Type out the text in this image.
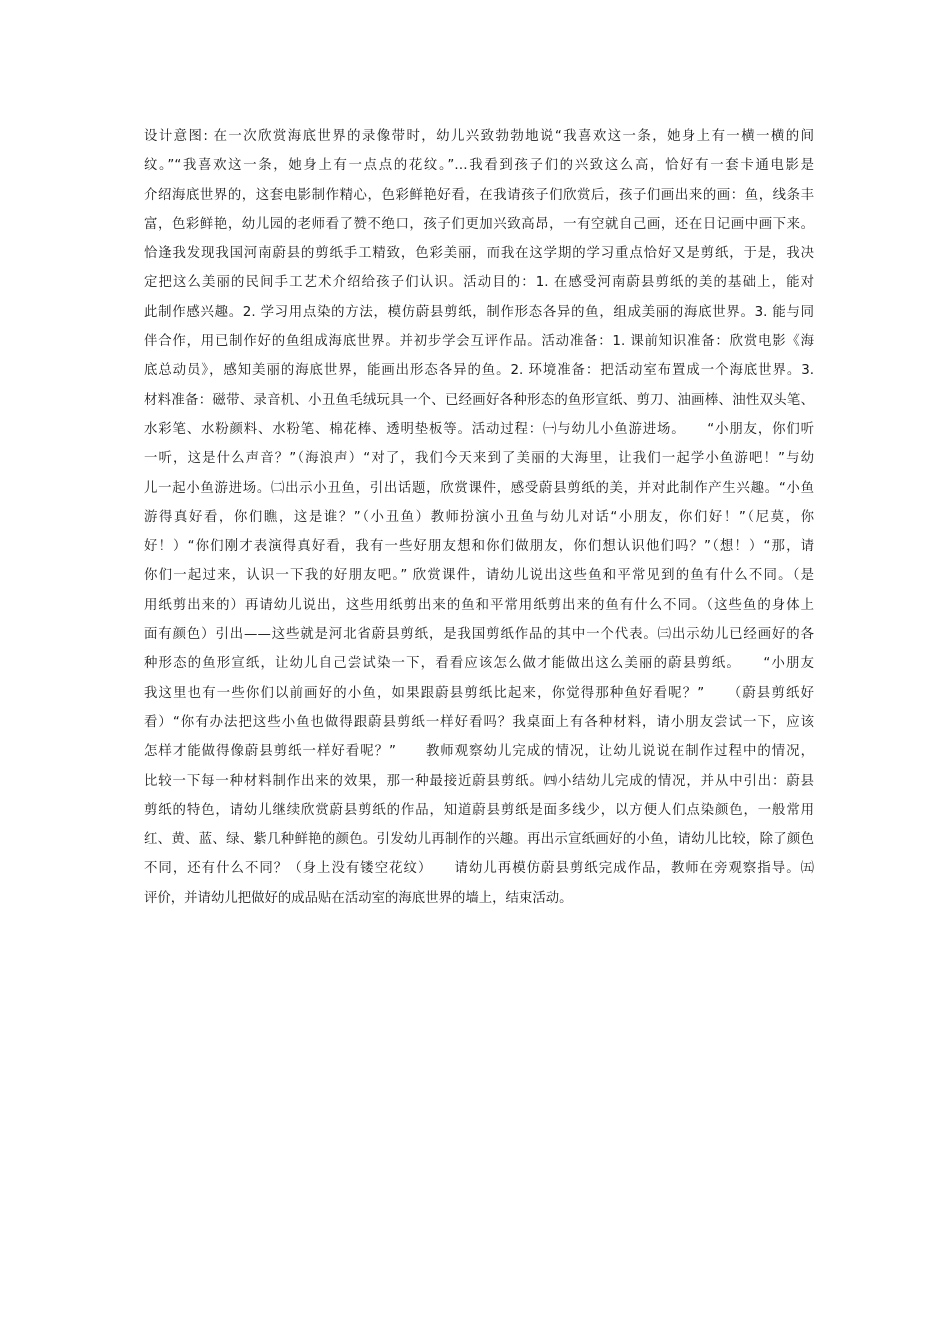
设计意图: 在一次欣赏海底世界的录像带时，幼儿兴致勃勃地说“我喜欢这一条，她身上有一横一横的间
纹。”“我喜欢这一条，她身上有一点点的花纹。”…我看到孩子们的兴致这么高，恰好有一套卡通电影是
介绍海底世界的，这套电影制作精心，色彩鲜艳好看，在我请孩子们欣赏后，孩子们画出来的画：鱼，线条丰
富，色彩鲜艳，幼儿园的老师看了赞不绝口，孩子们更加兴致高昂，一有空就自己画，还在日记画中画下来。
恰逢我发现我国河南蔚县的剪纸手工精致，色彩美丽，而我在这学期的学习重点恰好又是剪纸，于是，我决
定把这么美丽的民间手工艺术介绍给孩子们认识。活动目的：1. 在感受河南蔚县剪纸的美的基础上，能对
此制作感兴趣。2. 学习用点染的方法，模仿蔚县剪纸，制作形态各异的鱼，组成美丽的海底世界。3. 能与同
伴合作，用已制作好的鱼组成海底世界。并初步学会互评作品。活动准备：1. 课前知识准备：欣赏电影《海
底总动员》，感知美丽的海底世界，能画出形态各异的鱼。2. 环境准备：把活动室布置成一个海底世界。3.
材料准备：磁带、录音机、小丑鱼毛绒玩具一个、已经画好各种形态的鱼形宣纸、剪刀、油画棒、油性双头笔、
水彩笔、水粉颜料、水粉笔、棉花棒、透明垫板等。活动过程：㈠与幼儿小鱼游进场。　　“小朋友，你们听
一听，这是什么声音？”（海浪声）“对了，我们今天来到了美丽的大海里，让我们一起学小鱼游吧！”与幼
儿一起小鱼游进场。㈡出示小丑鱼，引出话题，欣赏课件，感受蔚县剪纸的美，并对此制作产生兴趣。“小鱼
游得真好看，你们瞧，这是谁？”（小丑鱼）教师扮演小丑鱼与幼儿对话“小朋友，你们好！”（尼莫，你
好！）“你们刚才表演得真好看，我有一些好朋友想和你们做朋友，你们想认识他们吗？”（想！）“那，请
你们一起过来，认识一下我的好朋友吧。” 欣赏课件，请幼儿说出这些鱼和平常见到的鱼有什么不同。（是
用纸剪出来的）再请幼儿说出，这些用纸剪出来的鱼和平常用纸剪出来的鱼有什么不同。（这些鱼的身体上
面有颜色）引出——这些就是河北省蔚县剪纸，是我国剪纸作品的其中一个代表。㈢出示幼儿已经画好的各
种形态的鱼形宣纸，让幼儿自己尝试染一下，看看应该怎么做才能做出这么美丽的蔚县剪纸。　　“小朋友
我这里也有一些你们以前画好的小鱼，如果跟蔚县剪纸比起来，你觉得那种鱼好看呢？”　　（蔚县剪纸好
看）“你有办法把这些小鱼也做得跟蔚县剪纸一样好看吗？我桌面上有各种材料，请小朋友尝试一下，应该
怎样才能做得像蔚县剪纸一样好看呢？”　　教师观察幼儿完成的情况，让幼儿说说在制作过程中的情况，
比较一下每一种材料制作出来的效果，那一种最接近蔚县剪纸。㈣小结幼儿完成的情况，并从中引出：蔚县
剪纸的特色，请幼儿继续欣赏蔚县剪纸的作品，知道蔚县剪纸是面多线少，以方便人们点染颜色，一般常用
红、黄、蓝、绿、紫几种鲜艳的颜色。引发幼儿再制作的兴趣。再出示宣纸画好的小鱼，请幼儿比较，除了颜色
不同，还有什么不同？（身上没有镂空花纹）　　请幼儿再模仿蔚县剪纸完成作品，教师在旁观察指导。㈤
评价，并请幼儿把做好的成品贴在活动室的海底世界的墙上，结束活动。
